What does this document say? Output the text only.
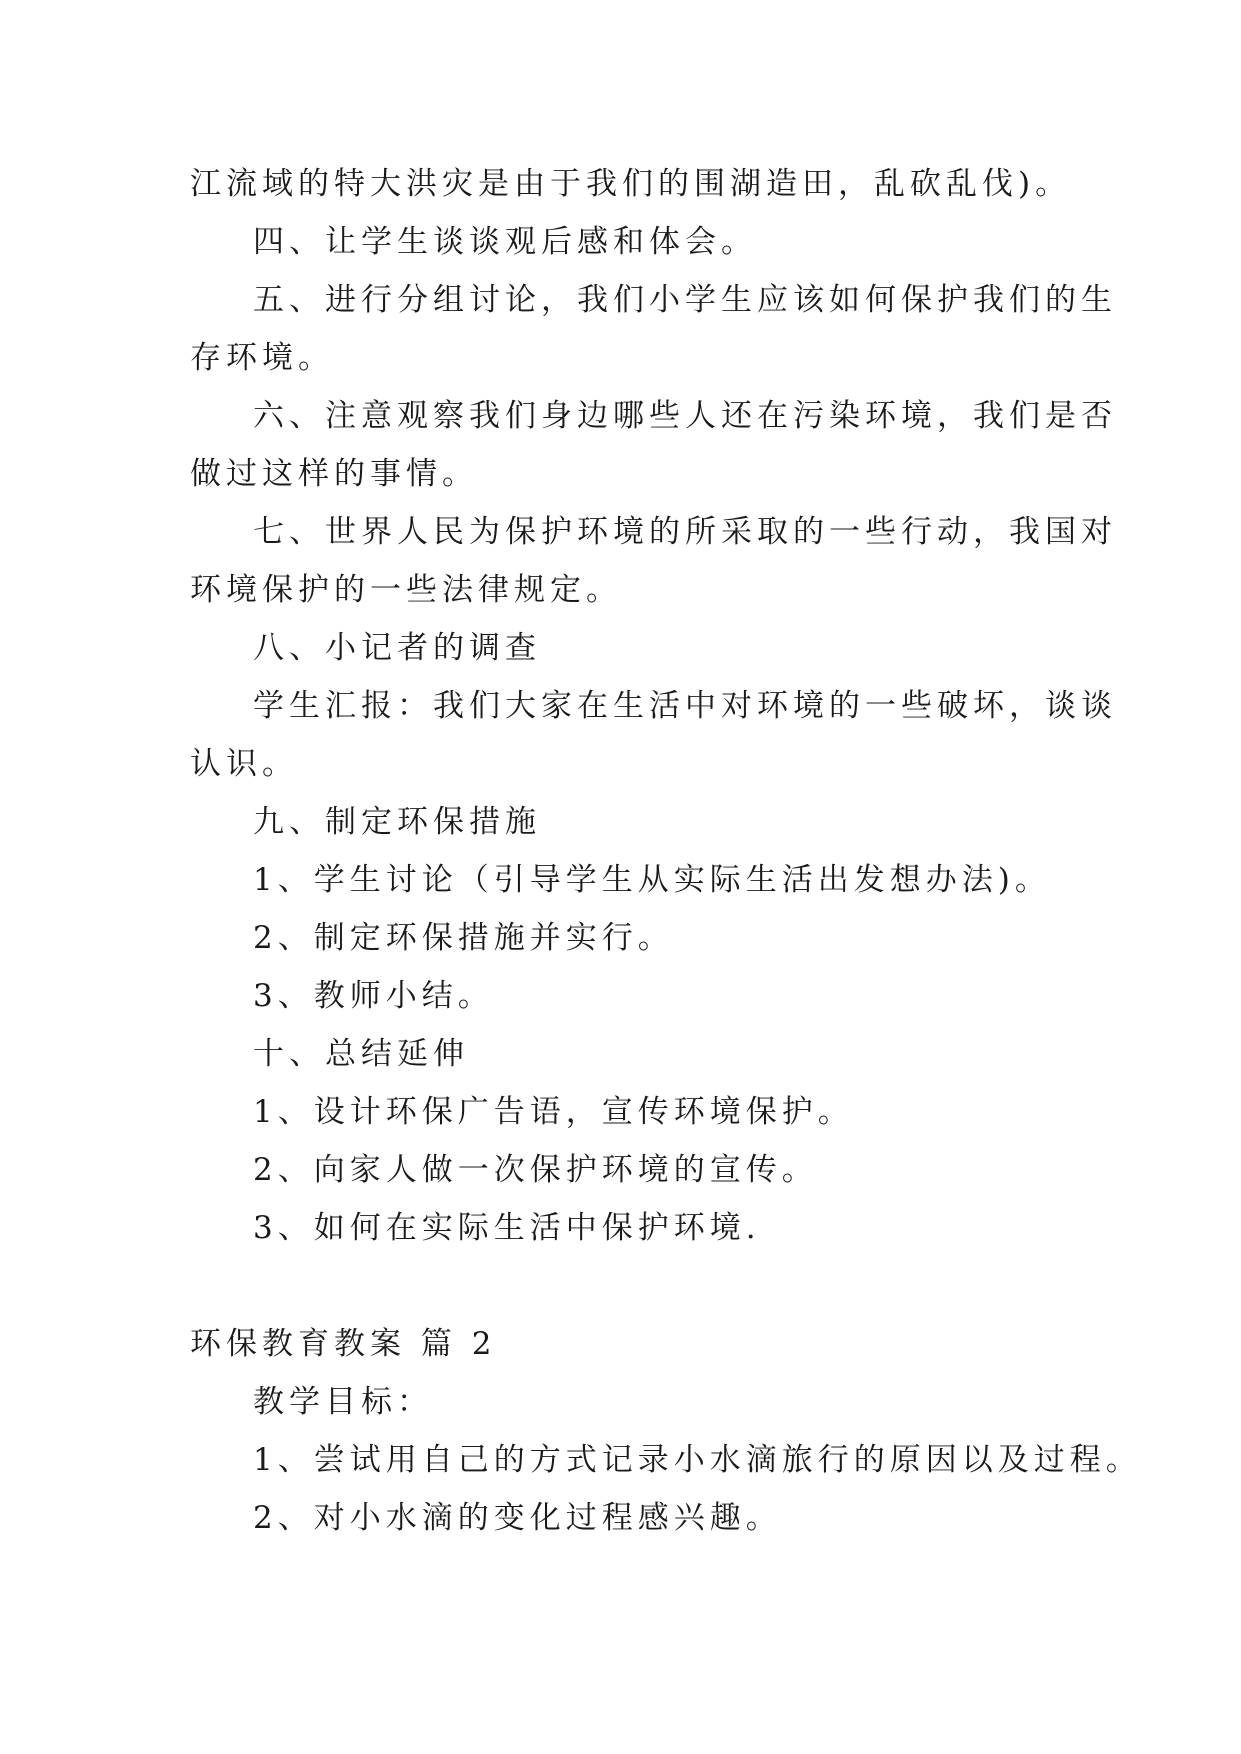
江流域的特大洪灾是由于我们的围湖造田，乱砍乱伐)。
四、让学生谈谈观后感和体会。
五、进行分组讨论，我们小学生应该如何保护我们的生
存环境。
六、注意观察我们身边哪些人还在污染环境，我们是否
做过这样的事情。
七、世界人民为保护环境的所采取的一些行动，我国对
环境保护的一些法律规定。
八、小记者的调查
学生汇报：我们大家在生活中对环境的一些破坏，谈谈
认识。
九、制定环保措施
1、学生讨论（引导学生从实际生活出发想办法)。
2、制定环保措施并实行。
3、教师小结。
十、总结延伸
1、设计环保广告语，宣传环境保护。
2、向家人做一次保护环境的宣传。
3、如何在实际生活中保护环境.
环保教育教案 篇 2
教学目标：
1、尝试用自己的方式记录小水滴旅行的原因以及过程。
2、对小水滴的变化过程感兴趣。
